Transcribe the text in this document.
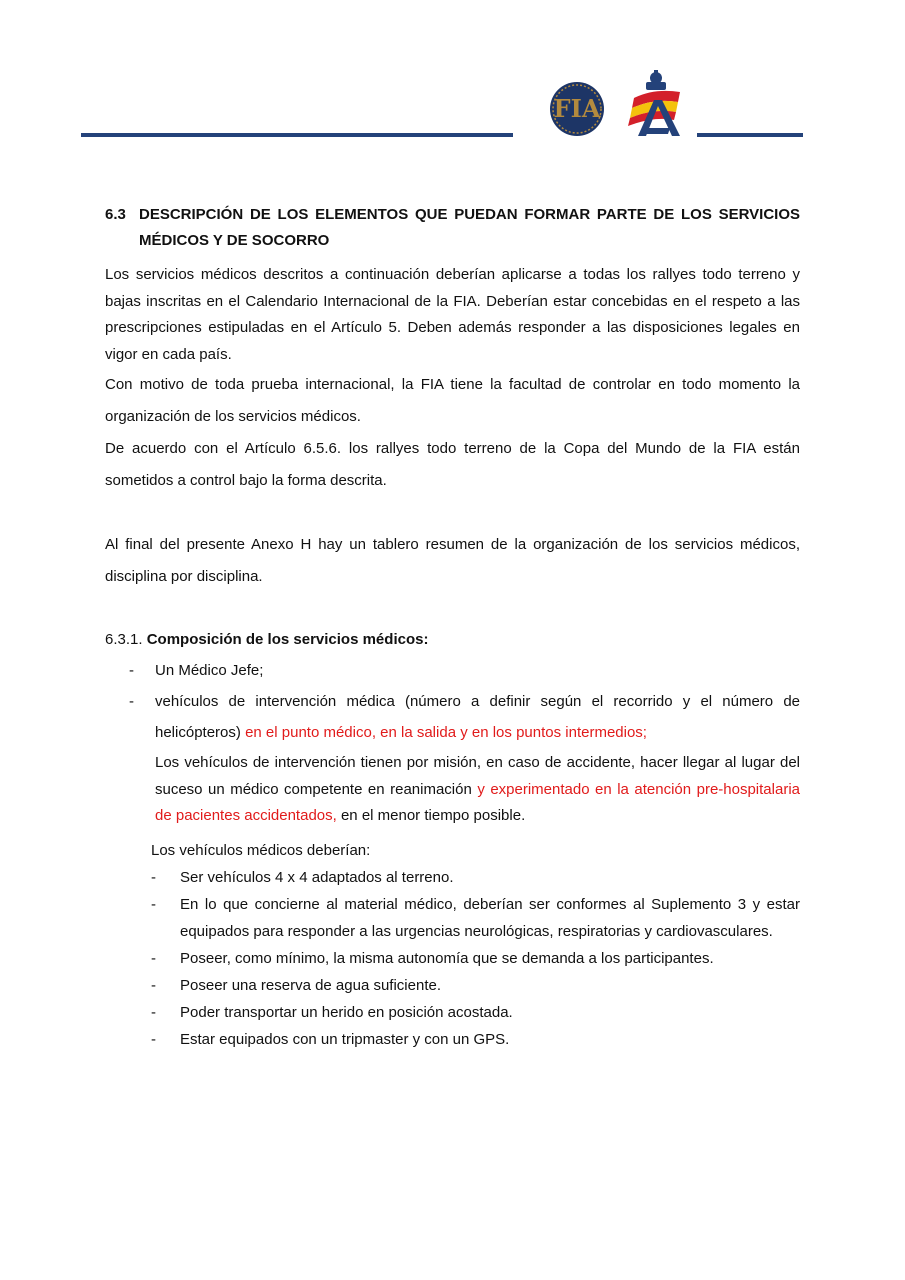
FIA
6.3 DESCRIPCIÓN DE LOS ELEMENTOS QUE PUEDAN FORMAR PARTE DE LOS SERVICIOS MÉDICOS Y DE SOCORRO

Los servicios médicos descritos a continuación deberían aplicarse a todas los rallyes todo terreno y bajas inscritas en el Calendario Internacional de la FIA. Deberían estar concebidas en el respeto a las prescripciones estipuladas en el Artículo 5. Deben además responder a las disposiciones legales en vigor en cada país.

Con motivo de toda prueba internacional, la FIA tiene la facultad de controlar en todo momento la organización de los servicios médicos.

De acuerdo con el Artículo 6.5.6. los rallyes todo terreno de la Copa del Mundo de la FIA están sometidos a control bajo la forma descrita.

Al final del presente Anexo H hay un tablero resumen de la organización de los servicios médicos, disciplina por disciplina.

6.3.1. Composición de los servicios médicos:
-	Un Médico Jefe;
-	vehículos de intervención médica (número a definir según el recorrido y el número de helicópteros) en el punto médico, en la salida y en los puntos intermedios;

Los vehículos de intervención tienen por misión, en caso de accidente, hacer llegar al lugar del suceso un médico competente en reanimación y experimentado en la atención pre-hospitalaria de pacientes accidentados, en el menor tiempo posible.

Los vehículos médicos deberían:
-	Ser vehículos 4 x 4 adaptados al terreno.
-	En lo que concierne al material médico, deberían ser conformes al Suplemento 3 y estar equipados para responder a las urgencias neurológicas, respiratorias y cardiovasculares.
-	Poseer, como mínimo, la misma autonomía que se demanda a los participantes.
-	Poseer una reserva de agua suficiente.
-	Poder transportar un herido en posición acostada.
-	Estar equipados con un tripmaster y con un GPS.
